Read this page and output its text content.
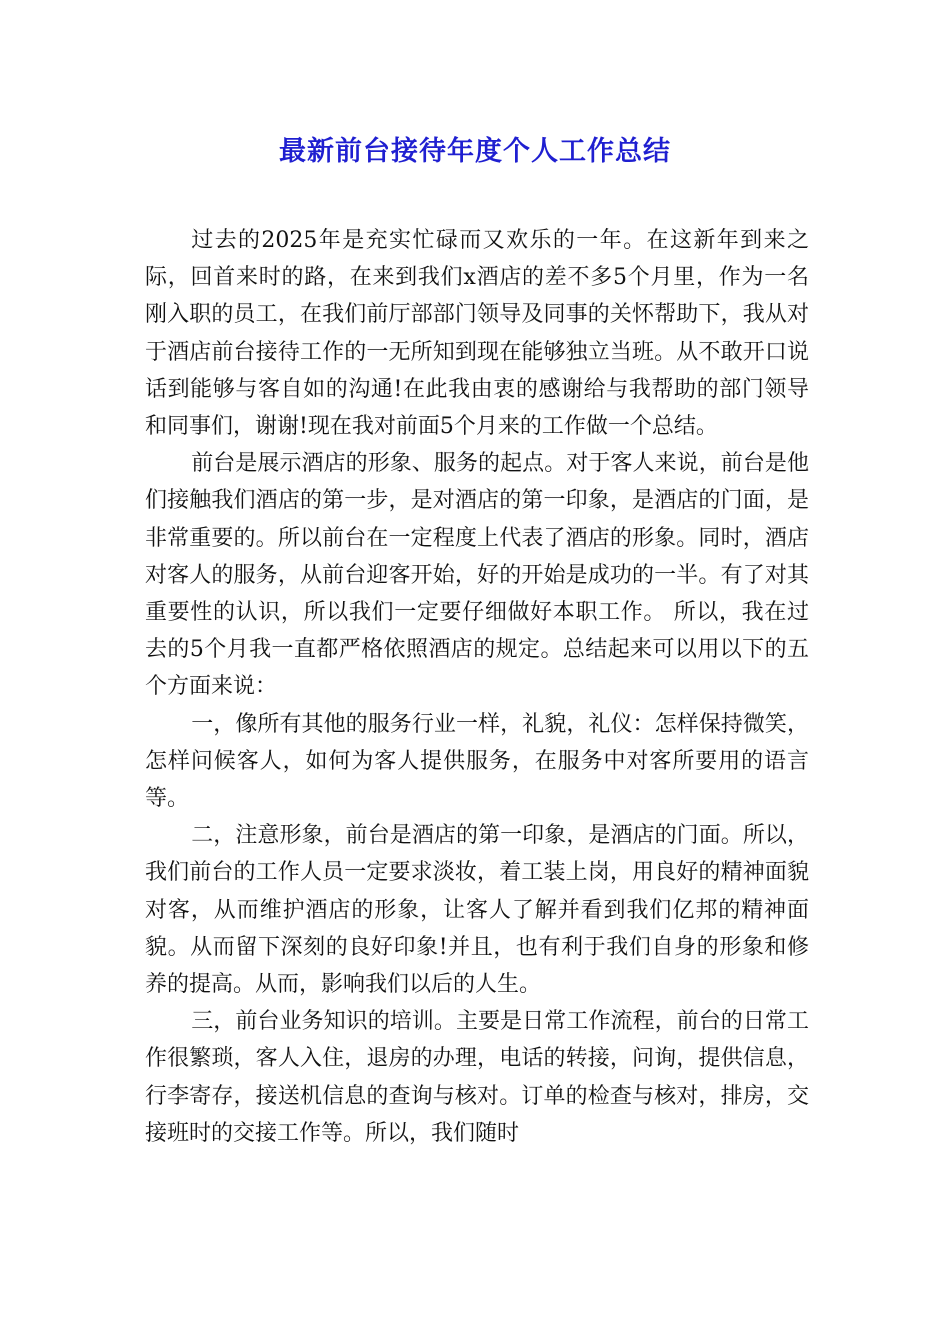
最新前台接待年度个人工作总结

过去的2025年是充实忙碌而又欢乐的一年。在这新年到来之际，回首来时的路，在来到我们x酒店的差不多5个月里，作为一名刚入职的员工，在我们前厅部部门领导及同事的关怀帮助下，我从对于酒店前台接待工作的一无所知到现在能够独立当班。从不敢开口说话到能够与客自如的沟通!在此我由衷的感谢给与我帮助的部门领导和同事们，谢谢!现在我对前面5个月来的工作做一个总结。

前台是展示酒店的形象、服务的起点。对于客人来说，前台是他们接触我们酒店的第一步，是对酒店的第一印象，是酒店的门面，是非常重要的。所以前台在一定程度上代表了酒店的形象。同时，酒店对客人的服务，从前台迎客开始，好的开始是成功的一半。有了对其重要性的认识，所以我们一定要仔细做好本职工作。 所以，我在过去的5个月我一直都严格依照酒店的规定。总结起来可以用以下的五个方面来说：

一，像所有其他的服务行业一样，礼貌，礼仪：怎样保持微笑，怎样问候客人，如何为客人提供服务，在服务中对客所要用的语言等。

二，注意形象，前台是酒店的第一印象，是酒店的门面。所以，我们前台的工作人员一定要求淡妆，着工装上岗，用良好的精神面貌对客，从而维护酒店的形象，让客人了解并看到我们亿邦的精神面貌。从而留下深刻的良好印象!并且，也有利于我们自身的形象和修养的提高。从而，影响我们以后的人生。

三，前台业务知识的培训。主要是日常工作流程，前台的日常工作很繁琐，客人入住，退房的办理，电话的转接，问询，提供信息，行李寄存，接送机信息的查询与核对。订单的检查与核对，排房，交接班时的交接工作等。所以，我们随时
